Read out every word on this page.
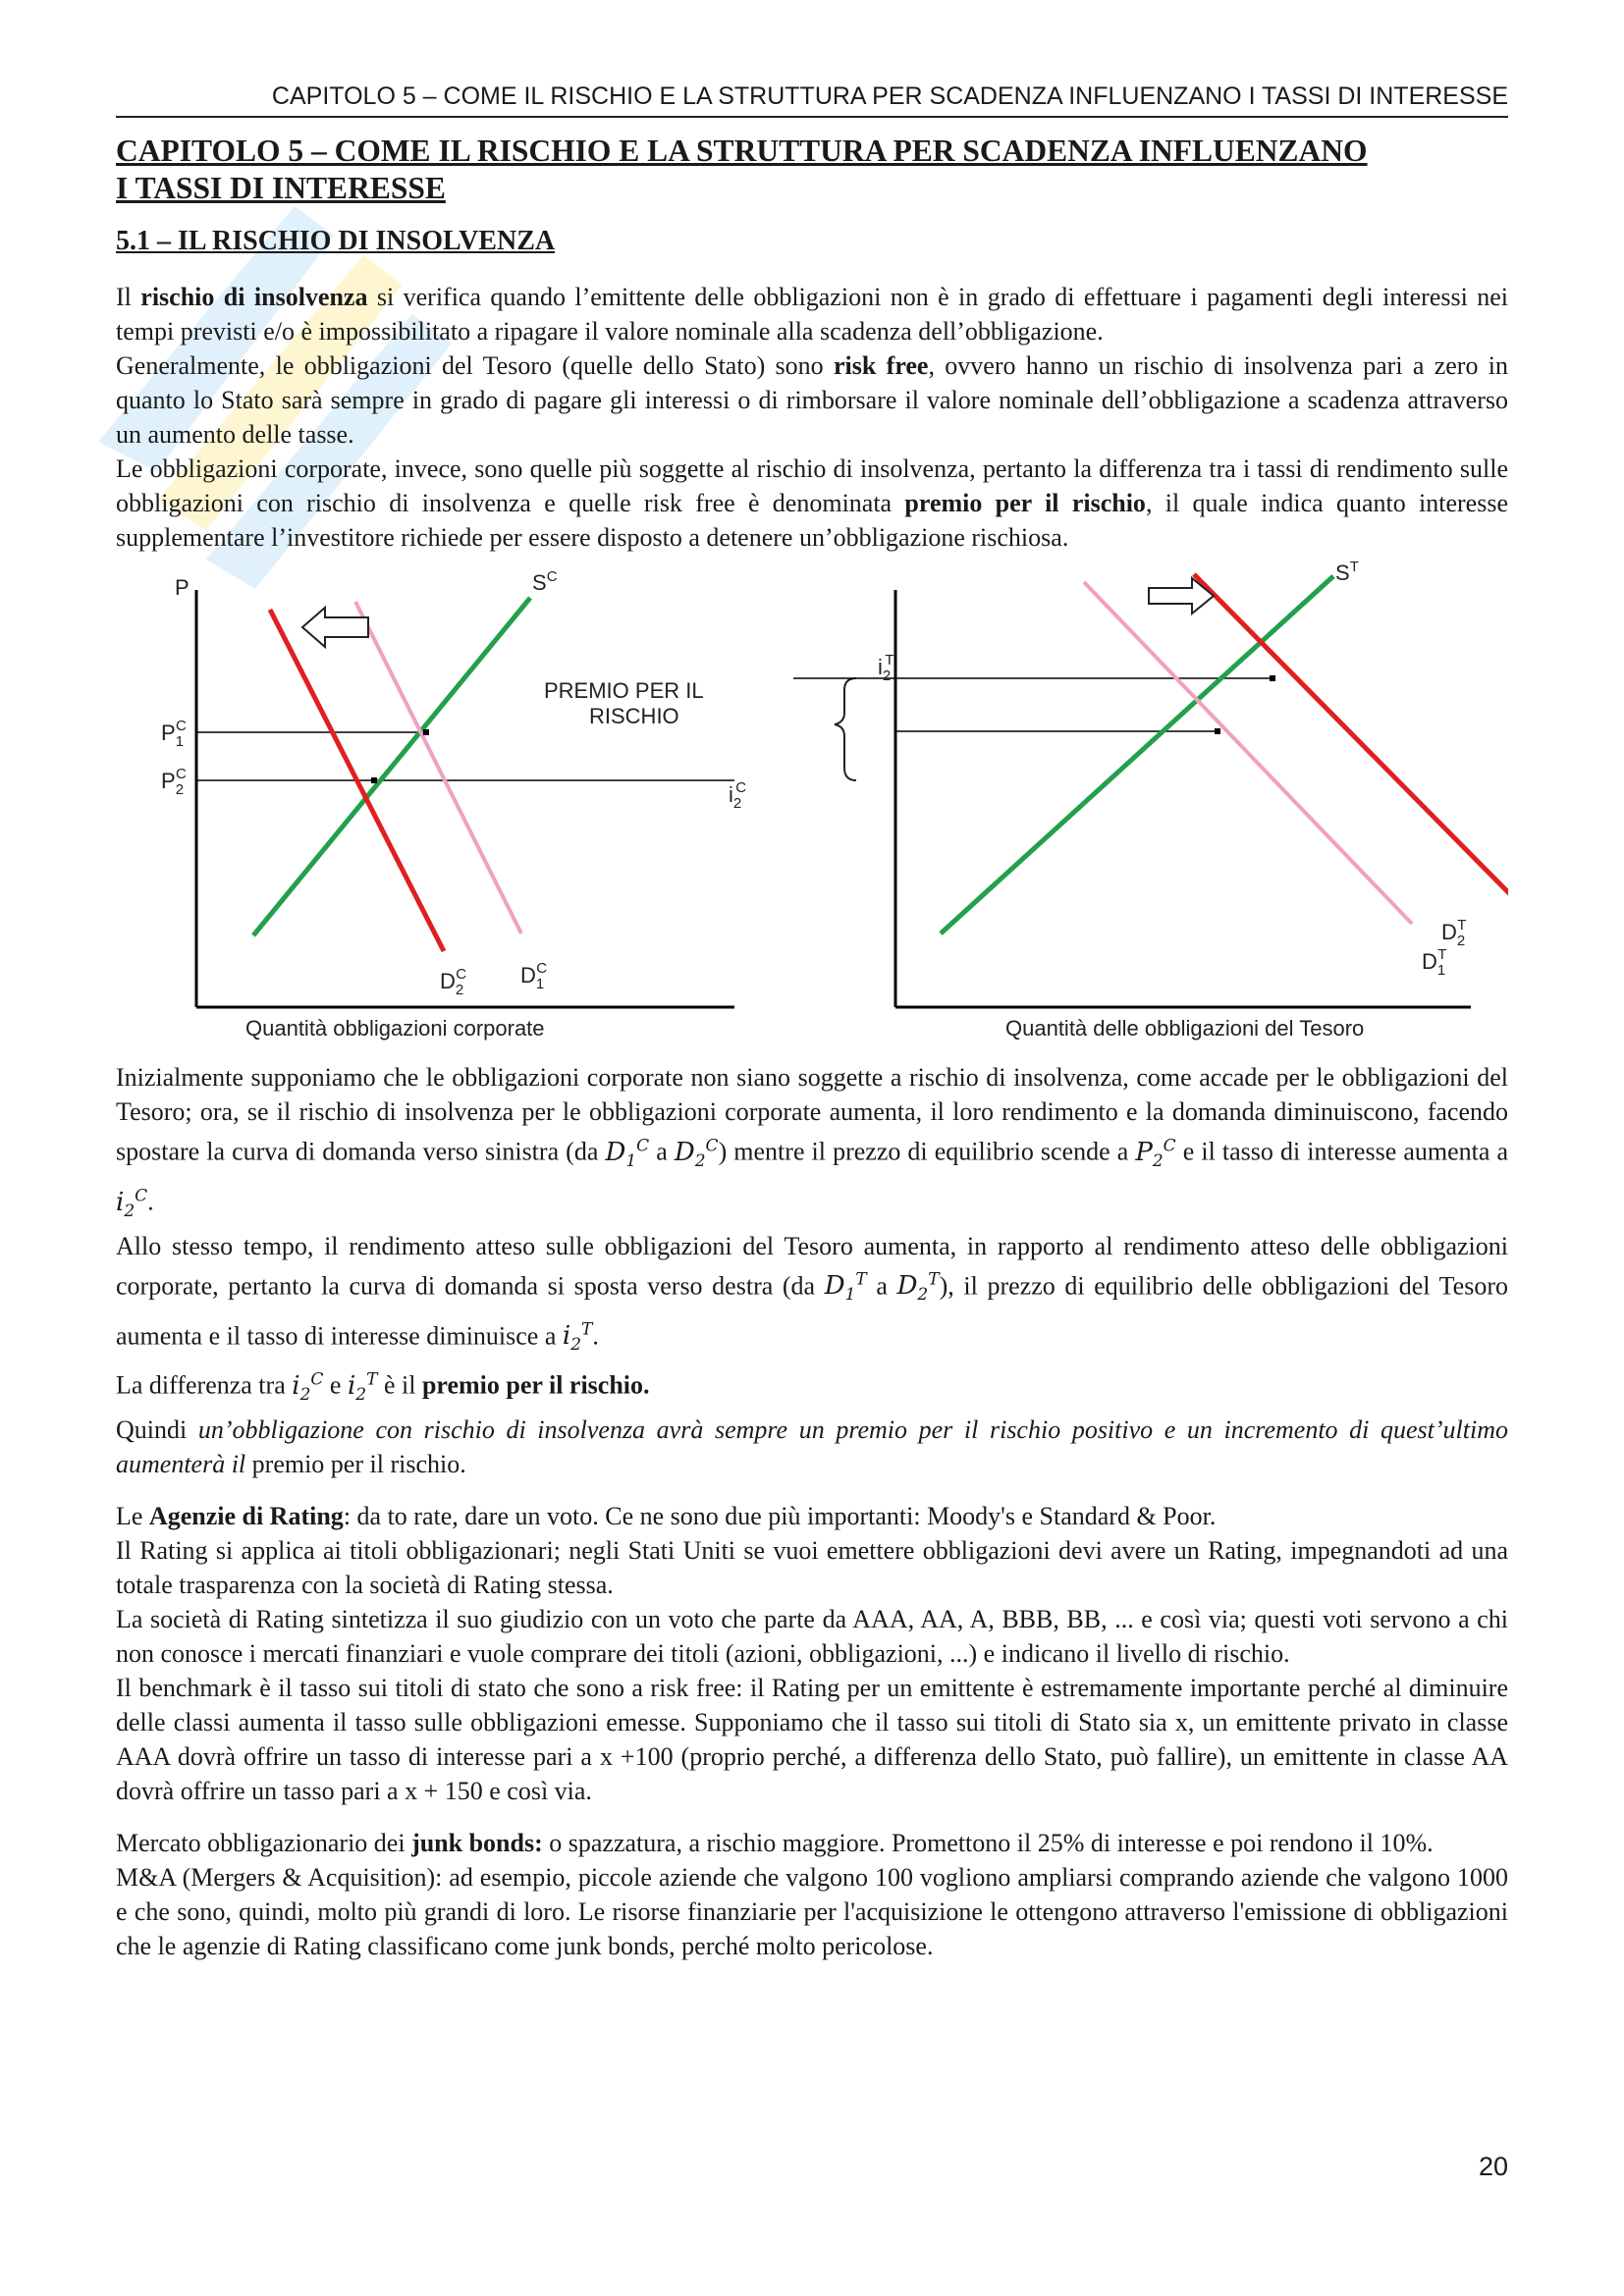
CAPITOLO 5 – COME IL RISCHIO E LA STRUTTURA PER SCADENZA INFLUENZANO I TASSI DI INTERESSE
CAPITOLO 5 – COME IL RISCHIO E LA STRUTTURA PER SCADENZA INFLUENZANO
I TASSI DI INTERESSE
5.1 – IL RISCHIO DI INSOLVENZA

Il rischio di insolvenza si verifica quando l’emittente delle obbligazioni non è in grado di effettuare i pagamenti degli interessi nei tempi previsti e/o è impossibilitato a ripagare il valore nominale alla scadenza dell’obbligazione.

Generalmente, le obbligazioni del Tesoro (quelle dello Stato) sono risk free, ovvero hanno un rischio di insolvenza pari a zero in quanto lo Stato sarà sempre in grado di pagare gli interessi o di rimborsare il valore nominale dell’obbligazione a scadenza attraverso un aumento delle tasse.

Le obbligazioni corporate, invece, sono quelle più soggette al rischio di insolvenza, pertanto la differenza tra i tassi di rendimento sulle obbligazioni con rischio di insolvenza e quelle risk free è denominata premio per il rischio, il quale indica quanto interesse supplementare l’investitore richiede per essere disposto a detenere un’obbligazione rischiosa.

P	$S^C$
$D_2C$ $D_1C$
$P_1C$
$P_2C$
$i_2C$
PREMIO PER IL
RISCHIO
Quantità obbligazioni corporate
$S^T$
$D_2T$
$D_1T$
$i_2T$
Quantità delle obbligazioni del Tesoro

Inizialmente supponiamo che le obbligazioni corporate non siano soggette a rischio di insolvenza, come accade per le obbligazioni del Tesoro; ora, se il rischio di insolvenza per le obbligazioni corporate aumenta, il loro rendimento e la domanda diminuiscono, facendo spostare la curva di domanda verso sinistra (da $D_1^C$ a $D_2^C$) mentre il prezzo di equilibrio scende a $P_2^C$ e il tasso di interesse aumenta a $i_2^C$.

Allo stesso tempo, il rendimento atteso sulle obbligazioni del Tesoro aumenta, in rapporto al rendimento atteso delle obbligazioni corporate, pertanto la curva di domanda si sposta verso destra (da $D_1^T$ a $D_2^T$), il prezzo di equilibrio delle obbligazioni del Tesoro aumenta e il tasso di interesse diminuisce a $i_2^T$.

La differenza tra $i_2^C$ e $i_2^T$ è il premio per il rischio.

Quindi un’obbligazione con rischio di insolvenza avrà sempre un premio per il rischio positivo e un incremento di quest’ultimo aumenterà il premio per il rischio.

Le Agenzie di Rating: da to rate, dare un voto. Ce ne sono due più importanti: Moody's e Standard & Poor.

Il Rating si applica ai titoli obbligazionari; negli Stati Uniti se vuoi emettere obbligazioni devi avere un Rating, impegnandoti ad una totale trasparenza con la società di Rating stessa.

La società di Rating sintetizza il suo giudizio con un voto che parte da AAA, AA, A, BBB, BB, ... e così via; questi voti servono a chi non conosce i mercati finanziari e vuole comprare dei titoli (azioni, obbligazioni, ...) e indicano il livello di rischio.

Il benchmark è il tasso sui titoli di stato che sono a risk free: il Rating per un emittente è estremamente importante perché al diminuire delle classi aumenta il tasso sulle obbligazioni emesse. Supponiamo che il tasso sui titoli di Stato sia x, un emittente privato in classe AAA dovrà offrire un tasso di interesse pari a x +100 (proprio perché, a differenza dello Stato, può fallire), un emittente in classe AA dovrà offrire un tasso pari a x + 150 e così via.

Mercato obbligazionario dei junk bonds: o spazzatura, a rischio maggiore. Promettono il 25% di interesse e poi rendono il 10%.

M&A (Mergers & Acquisition): ad esempio, piccole aziende che valgono 100 vogliono ampliarsi comprando aziende che valgono 1000 e che sono, quindi, molto più grandi di loro. Le risorse finanziarie per l'acquisizione le ottengono attraverso l'emissione di obbligazioni che le agenzie di Rating classificano come junk bonds, perché molto pericolose.

20
